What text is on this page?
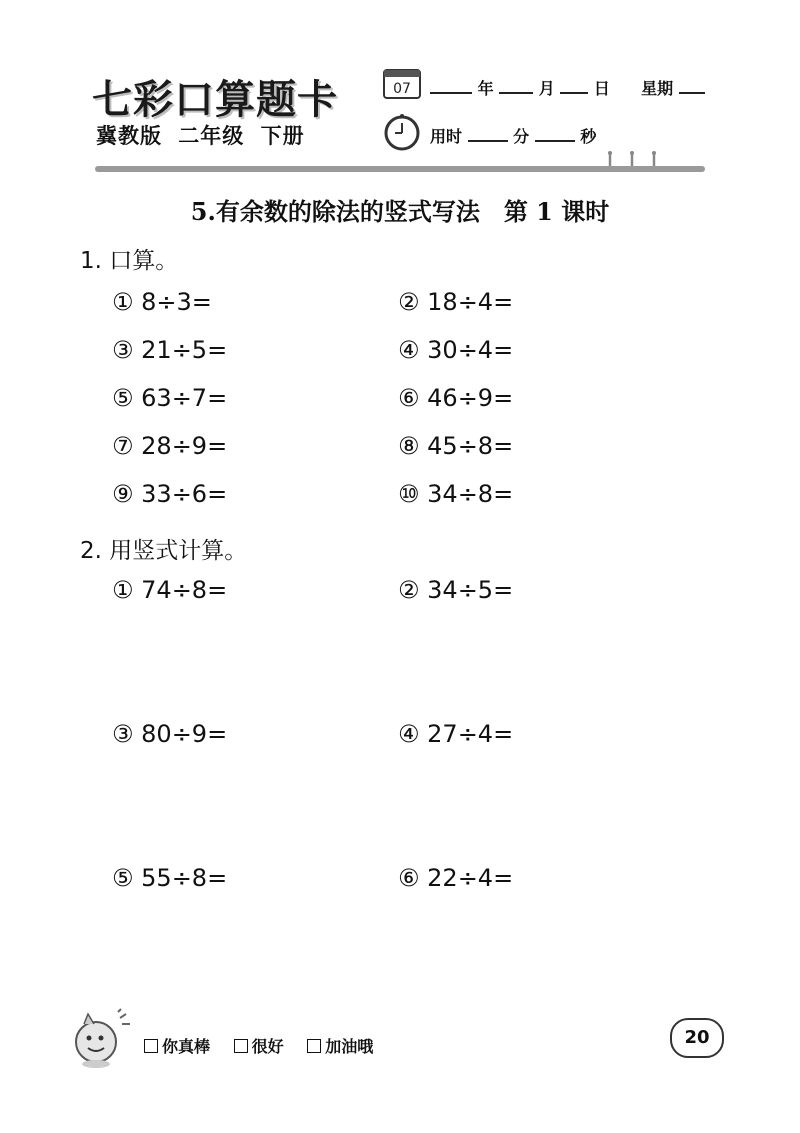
七彩口算题卡
冀教版 二年级 下册
07	年	月 日 星期
用时	分	秒
5.有余数的除法的竖式写法　第 1 课时
1. 口算。
① 8÷3=	② 18÷4=
③ 21÷5=	④ 30÷4=
⑤ 63÷7=	⑥ 46÷9=
⑦ 28÷9=	⑧ 45÷8=
⑨ 33÷6=	⑩ 34÷8=
2. 用竖式计算。
① 74÷8=	② 34÷5=
③ 80÷9=	④ 27÷4=
⑤ 55÷8=	⑥ 22÷4=
你真棒	很好	加油哦	20
